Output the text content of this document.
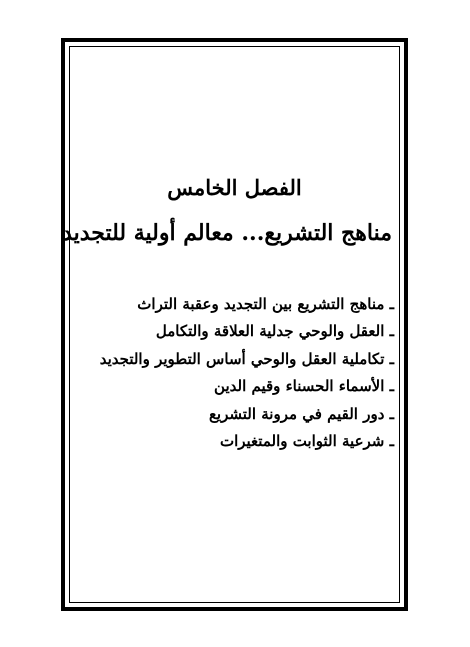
الفصل الخامس
مناهج التشريع... معالم أولية للتجديد
ـ مناهج التشريع بين التجديد وعقبة التراث
ـ العقل والوحي جدلية العلاقة والتكامل
ـ تكاملية العقل والوحي أساس التطوير والتجديد
ـ الأسماء الحسناء وقيم الدين
ـ دور القيم في مرونة التشريع
ـ شرعية الثوابت والمتغيرات
